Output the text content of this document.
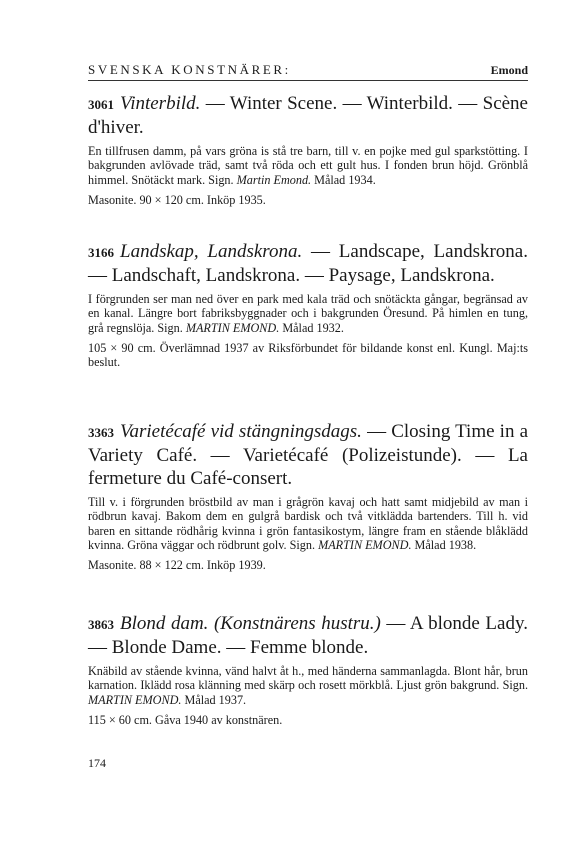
SVENSKA KONSTNÄRER:	Emond

3061 Vinterbild. — Winter Scene. — Winterbild. — Scène d'hiver.

En tillfrusen damm, på vars gröna is stå tre barn, till v. en pojke med gul sparkstötting. I bakgrunden avlövade träd, samt två röda och ett gult hus. I fonden brun höjd. Grönblå himmel. Snötäckt mark. Sign. Martin Emond. Målad 1934.

Masonite. 90 × 120 cm. Inköp 1935.

3166 Landskap, Landskrona. — Landscape, Landskrona. — Landschaft, Landskrona. — Paysage, Landskrona.

I förgrunden ser man ned över en park med kala träd och snötäckta gångar, begränsad av en kanal. Längre bort fabriksbyggnader och i bakgrunden Öresund. På himlen en tung, grå regnslöja. Sign. MARTIN EMOND. Målad 1932.

105 × 90 cm. Överlämnad 1937 av Riksförbundet för bildande konst enl. Kungl. Maj:ts beslut.

3363 Varietécafé vid stängningsdags. — Closing Time in a Variety Café. — Varietécafé (Polizeistunde). — La fermeture du Café-consert.

Till v. i förgrunden bröstbild av man i grågrön kavaj och hatt samt midjebild av man i rödbrun kavaj. Bakom dem en gulgrå bardisk och två vitklädda bartenders. Till h. vid baren en sittande rödhårig kvinna i grön fantasikostym, längre fram en stående blåklädd kvinna. Gröna väggar och rödbrunt golv. Sign. MARTIN EMOND. Målad 1938.

Masonite. 88 × 122 cm. Inköp 1939.

3863 Blond dam. (Konstnärens hustru.) — A blonde Lady. — Blonde Dame. — Femme blonde.

Knäbild av stående kvinna, vänd halvt åt h., med händerna sammanlagda. Blont hår, brun karnation. Iklädd rosa klänning med skärp och rosett mörkblå. Ljust grön bakgrund. Sign. MARTIN EMOND. Målad 1937.

115 × 60 cm. Gåva 1940 av konstnären.

174
